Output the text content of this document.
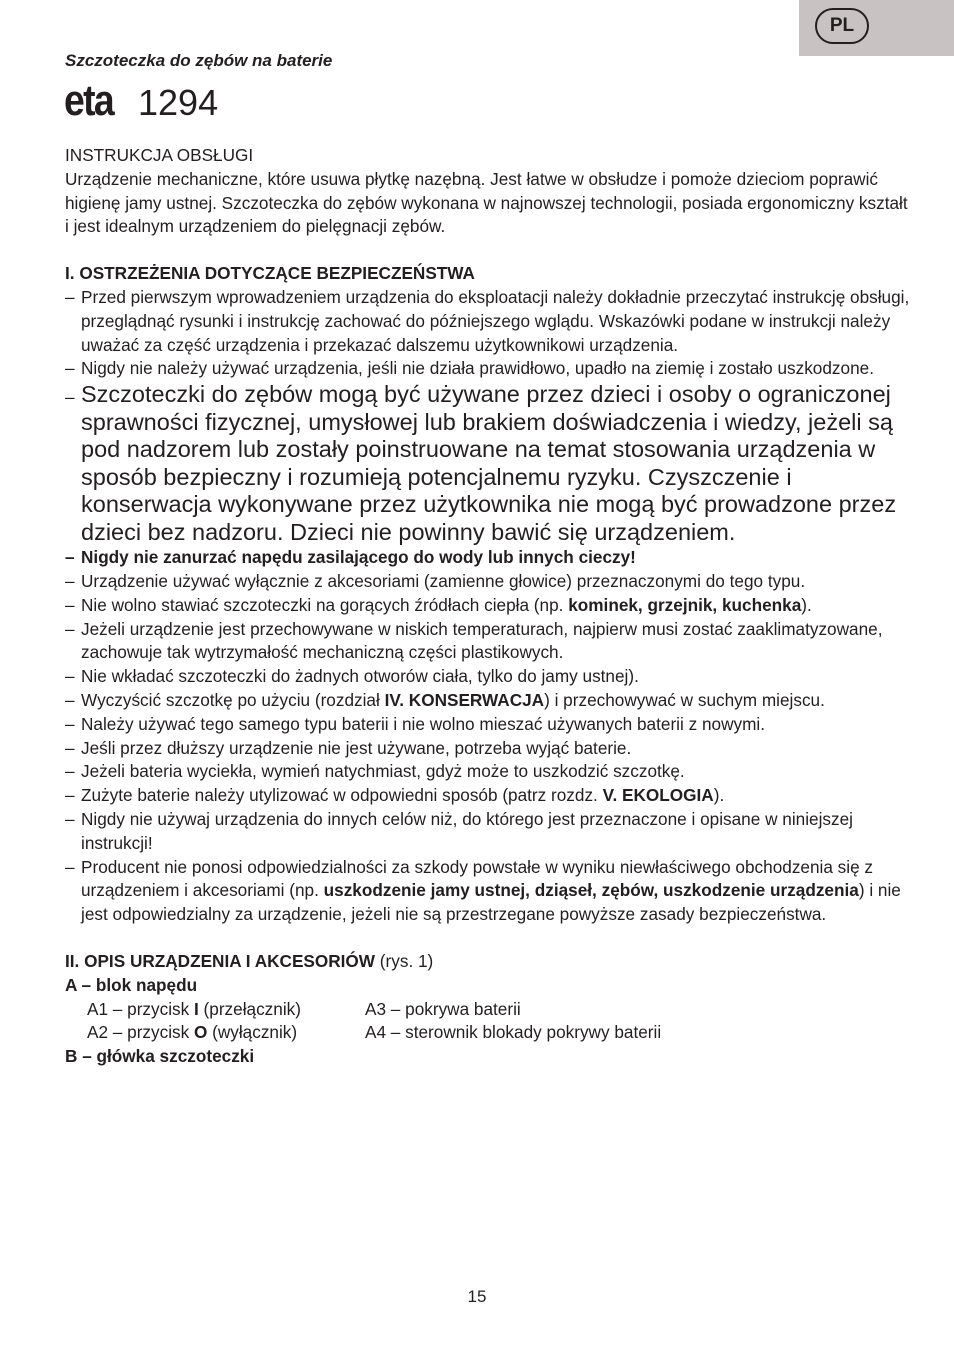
PL
Szczoteczka do zębów na baterie
eta 1294

INSTRUKCJA OBSŁUGI

Urządzenie mechaniczne, które usuwa płytkę nazębną. Jest łatwe w obsłudze i pomoże dzieciom poprawić higienę jamy ustnej. Szczoteczka do zębów wykonana w najnowszej technologii, posiada ergonomiczny kształt i jest idealnym urządzeniem do pielęgnacji zębów.

I. OSTRZEŻENIA DOTYCZĄCE BEZPIECZEŃSTWA

– Przed pierwszym wprowadzeniem urządzenia do eksploatacji należy dokładnie przeczytać instrukcję obsługi, przeglądnąć rysunki i instrukcję zachować do późniejszego wglądu. Wskazówki podane w instrukcji należy uważać za część urządzenia i przekazać dalszemu użytkownikowi urządzenia.
– Nigdy nie należy używać urządzenia, jeśli nie działa prawidłowo, upadło na ziemię i zostało uszkodzone.
– Szczoteczki do zębów mogą być używane przez dzieci i osoby o ograniczonej sprawności fizycznej, umysłowej lub brakiem doświadczenia i wiedzy, jeżeli są pod nadzorem lub zostały poinstruowane na temat stosowania urządzenia w sposób bezpieczny i rozumieją potencjalnemu ryzyku. Czyszczenie i konserwacja wykonywane przez użytkownika nie mogą być prowadzone przez dzieci bez nadzoru. Dzieci nie powinny bawić się urządzeniem.
– Nigdy nie zanurzać napędu zasilającego do wody lub innych cieczy!
– Urządzenie używać wyłącznie z akcesoriami (zamienne głowice) przeznaczonymi do tego typu.
– Nie wolno stawiać szczoteczki na gorących źródłach ciepła (np. kominek, grzejnik, kuchenka).
– Jeżeli urządzenie jest przechowywane w niskich temperaturach, najpierw musi zostać zaaklimatyzowane, zachowuje tak wytrzymałość mechaniczną części plastikowych.
– Nie wkładać szczoteczki do żadnych otworów ciała, tylko do jamy ustnej).
– Wyczyścić szczotkę po użyciu (rozdział IV. KONSERWACJA) i przechowywać w suchym miejscu.
– Należy używać tego samego typu baterii i nie wolno mieszać używanych baterii z nowymi.
– Jeśli przez dłuższy urządzenie nie jest używane, potrzeba wyjąć baterie.
– Jeżeli bateria wyciekła, wymień natychmiast, gdyż może to uszkodzić szczotkę.
– Zużyte baterie należy utylizować w odpowiedni sposób (patrz rozdz. V. EKOLOGIA).
– Nigdy nie używaj urządzenia do innych celów niż, do którego jest przeznaczone i opisane w niniejszej instrukcji!
– Producent nie ponosi odpowiedzialności za szkody powstałe w wyniku niewłaściwego obchodzenia się z urządzeniem i akcesoriami (np. uszkodzenie jamy ustnej, dziąseł, zębów, uszkodzenie urządzenia) i nie jest odpowiedzialny za urządzenie, jeżeli nie są przestrzegane powyższe zasady bezpieczeństwa.

II. OPIS URZĄDZENIA I AKCESORIÓW (rys. 1)

A – blok napędu

A1 – przycisk I (przełącznik)	A3 – pokrywa baterii
A2 – przycisk O (wyłącznik)	A4 – sterownik blokady pokrywy baterii

B – główka szczoteczki

15
